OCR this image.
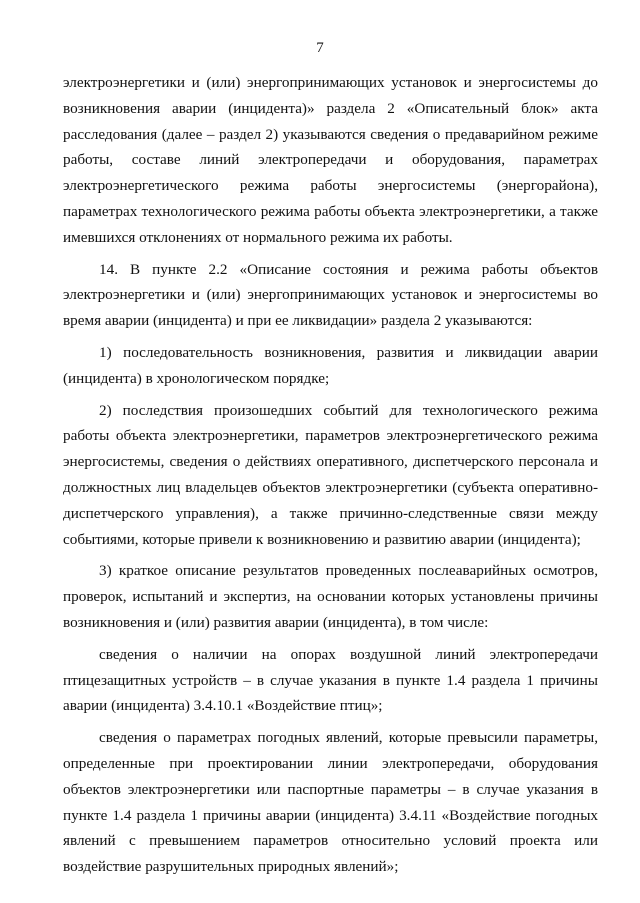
7

электроэнергетики и (или) энергопринимающих установок и энергосистемы до возникновения аварии (инцидента)» раздела 2 «Описательный блок» акта расследования (далее – раздел 2) указываются сведения о предаварийном режиме работы, составе линий электропередачи и оборудования, параметрах электроэнергетического режима работы энергосистемы (энергорайона), параметрах технологического режима работы объекта электроэнергетики, а также имевшихся отклонениях от нормального режима их работы.

14. В пункте 2.2 «Описание состояния и режима работы объектов электроэнергетики и (или) энергопринимающих установок и энергосистемы во время аварии (инцидента) и при ее ликвидации» раздела 2 указываются:

1) последовательность возникновения, развития и ликвидации аварии (инцидента) в хронологическом порядке;

2) последствия произошедших событий для технологического режима работы объекта электроэнергетики, параметров электроэнергетического режима энергосистемы, сведения о действиях оперативного, диспетчерского персонала и должностных лиц владельцев объектов электроэнергетики (субъекта оперативно-диспетчерского управления), а также причинно-следственные связи между событиями, которые привели к возникновению и развитию аварии (инцидента);

3) краткое описание результатов проведенных послеаварийных осмотров, проверок, испытаний и экспертиз, на основании которых установлены причины возникновения и (или) развития аварии (инцидента), в том числе:

сведения о наличии на опорах воздушной линий электропередачи птицезащитных устройств – в случае указания в пункте 1.4 раздела 1 причины аварии (инцидента) 3.4.10.1 «Воздействие птиц»;

сведения о параметрах погодных явлений, которые превысили параметры, определенные при проектировании линии электропередачи, оборудования объектов электроэнергетики или паспортные параметры – в случае указания в пункте 1.4 раздела 1 причины аварии (инцидента) 3.4.11 «Воздействие погодных явлений с превышением параметров относительно условий проекта или воздействие разрушительных природных явлений»;
